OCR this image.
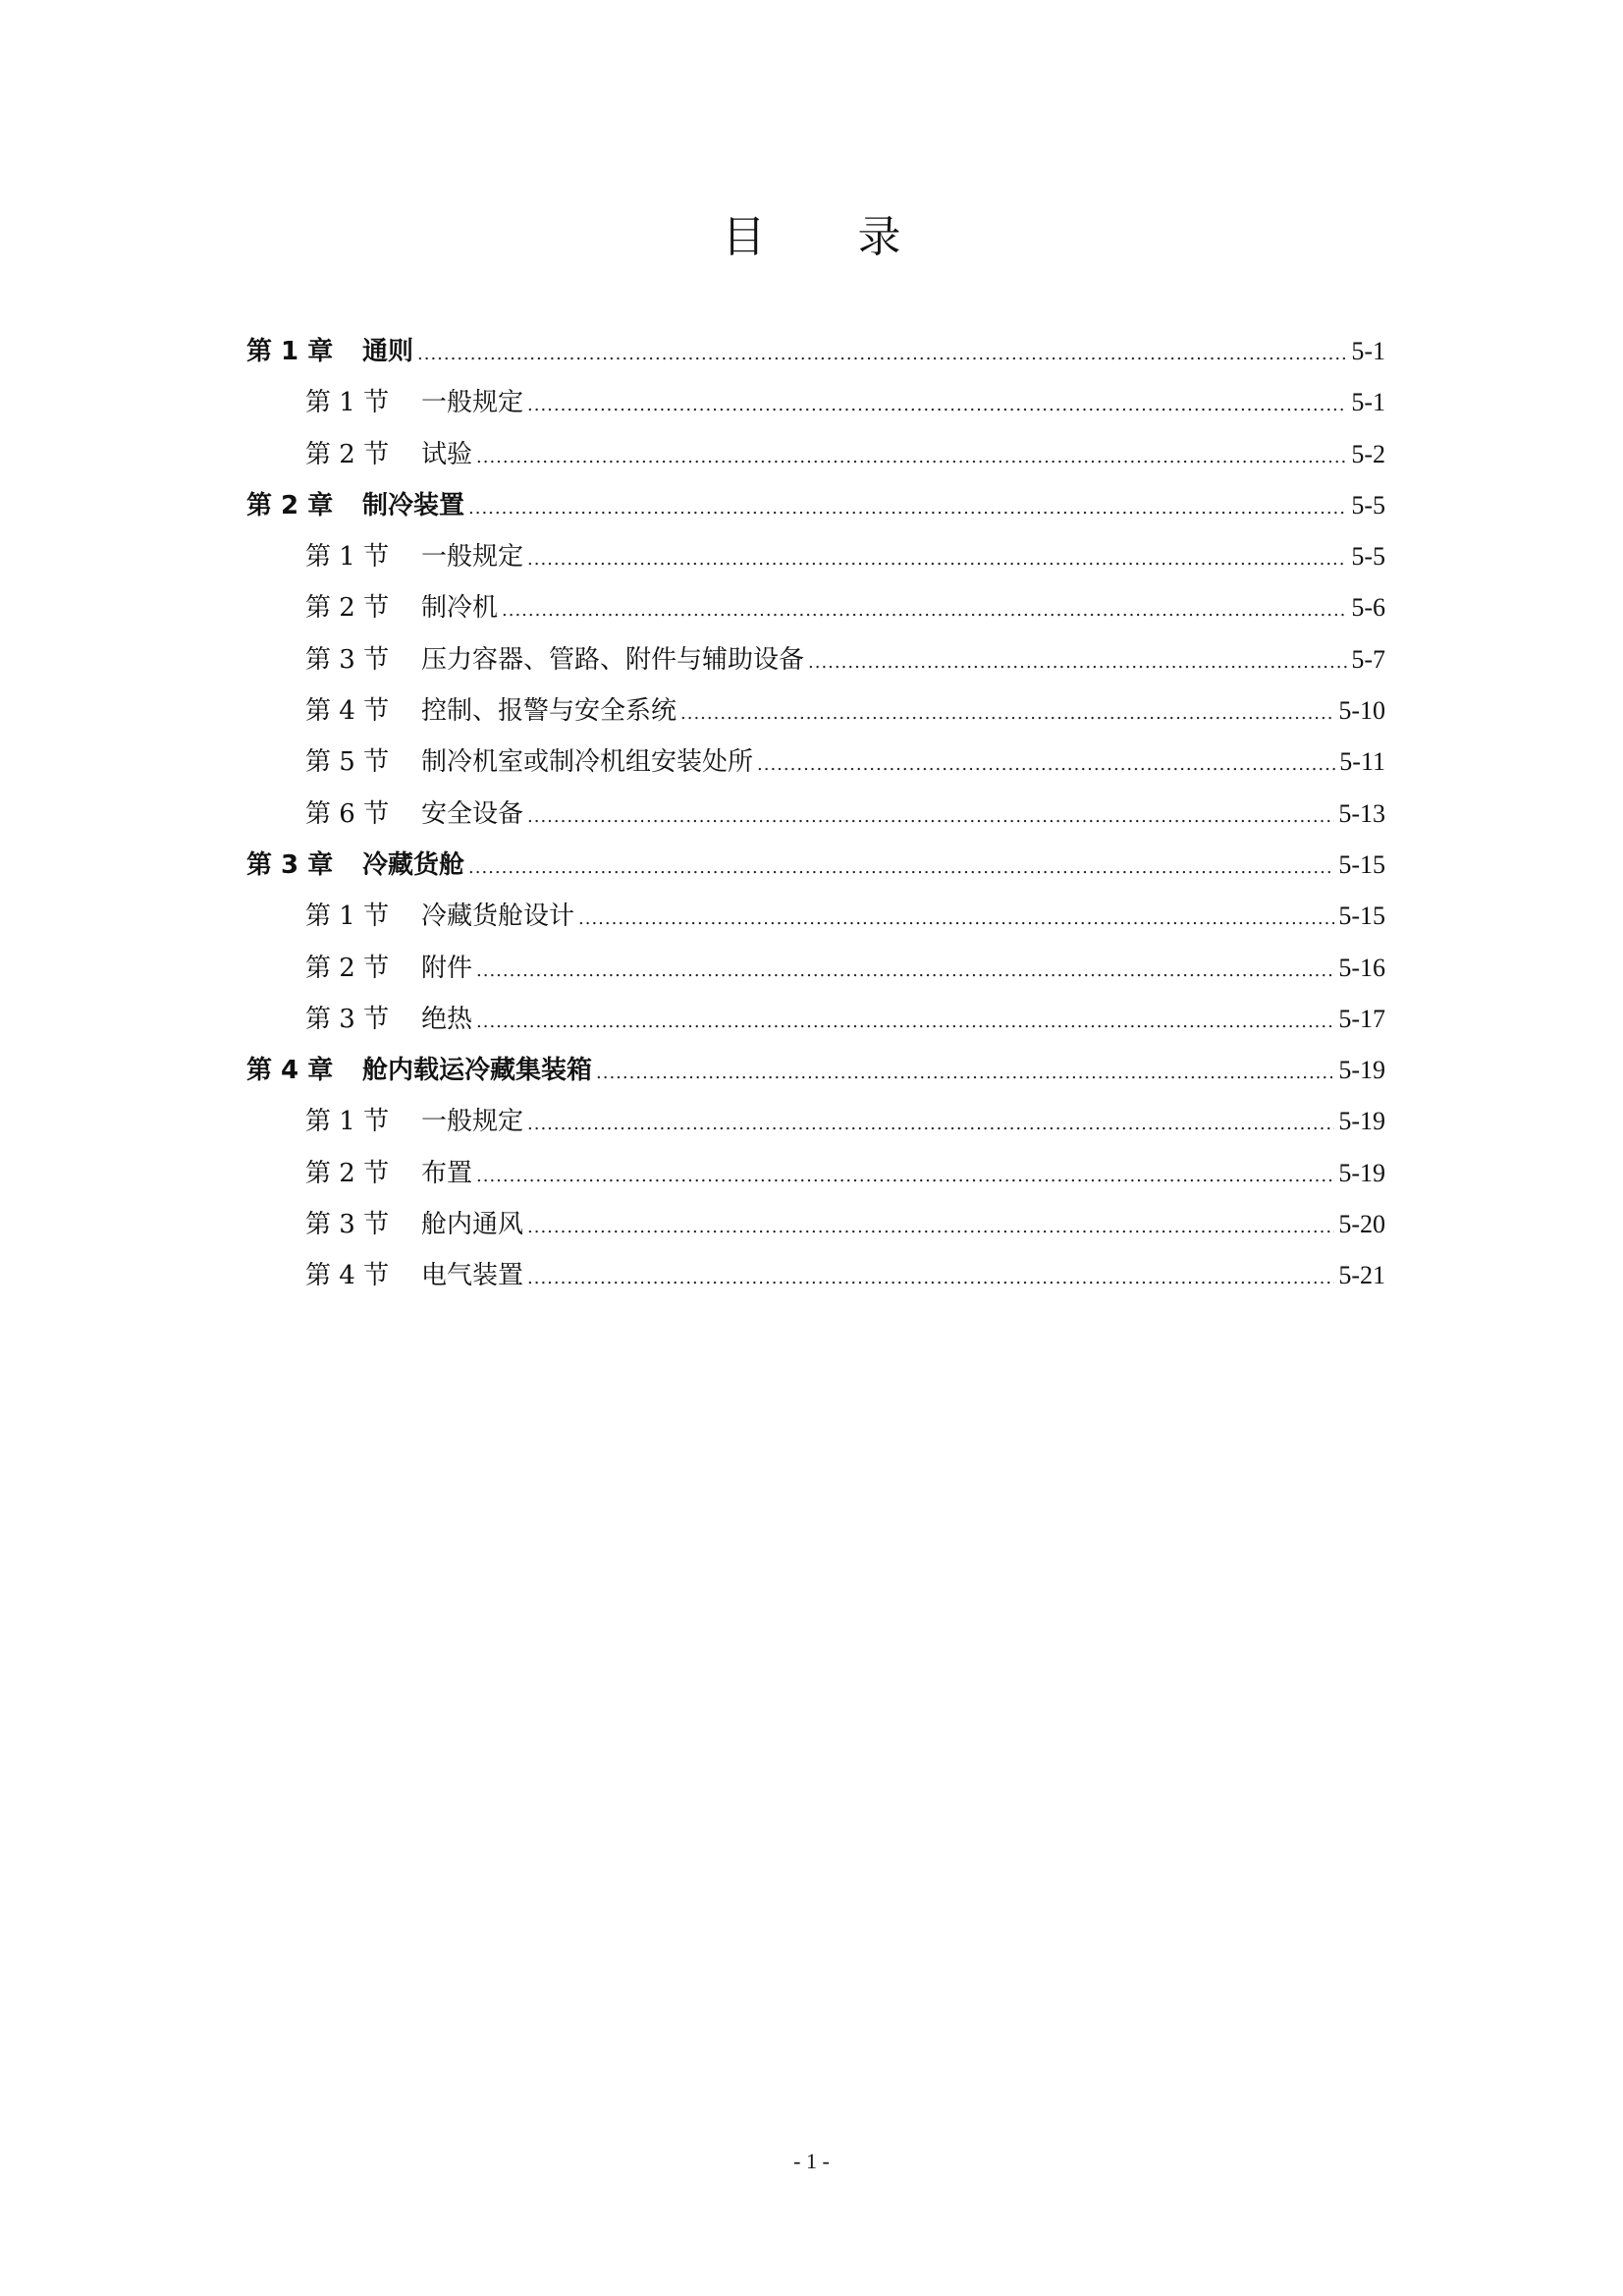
目 录
第 1 章	通则 .....	5-1
第 1 节	一般规定 .....	5-1
第 2 节	试验 .....	5-2
第 2 章	制冷装置 .....	5-5
第 1 节	一般规定 .....	5-5
第 2 节	制冷机 .....	5-6
第 3 节	压力容器、管路、附件与辅助设备 .....	5-7
第 4 节	控制、报警与安全系统 .....	5-10
第 5 节	制冷机室或制冷机组安装处所 .....	5-11
第 6 节	安全设备 .....	5-13
第 3 章	冷藏货舱 .....	5-15
第 1 节	冷藏货舱设计 .....	5-15
第 2 节	附件 .....	5-16
第 3 节	绝热 .....	5-17
第 4 章	舱内载运冷藏集装箱 .....	5-19
第 1 节	一般规定 .....	5-19
第 2 节	布置 .....	5-19
第 3 节	舱内通风 .....	5-20
第 4 节	电气装置 .....	5-21
- 1 -
